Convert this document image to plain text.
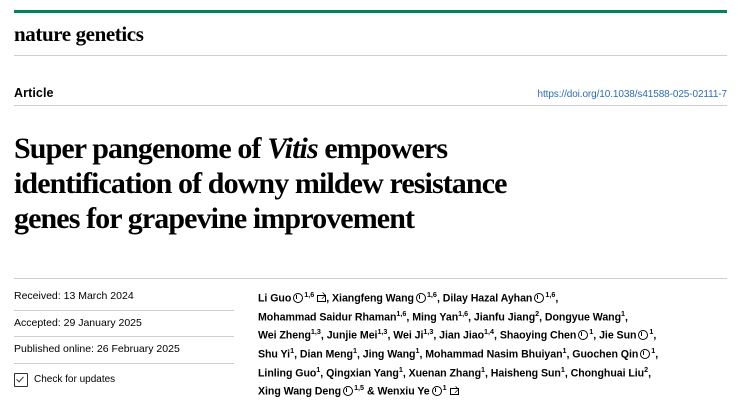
nature genetics
Article	https://doi.org/10.1038/s41588-025-02111-7
Super pangenome of Vitis empowers
identification of downy mildew resistance
genes for grapevine improvement
Received: 13 March 2024
Accepted: 29 January 2025
Published online: 26 February 2025
Check for updates
Li Guo $^{1,6}$ , Xiangfeng Wang $^{1,6}$, Dilay Hazal Ayhan $^{1,6}$,
Mohammad Saidur Rhaman$^{1,6}$, Ming Yan$^{1,6}$, Jianfu Jiang$^2$, Dongyue Wang$^1$,
Wei Zheng$^{1,3}$, Junjie Mei$^{1,3}$, Wei Ji$^{1,3}$, Jian Jiao$^{1,4}$, Shaoying Chen $^1$, Jie Sun $^1$,
Shu Yi$^1$, Dian Meng$^1$, Jing Wang$^1$, Mohammad Nasim Bhuiyan$^1$, Guochen Qin $^1$,
Linling Guo$^1$, Qingxian Yang$^1$, Xuenan Zhang$^1$, Haisheng Sun$^1$, Chonghuai Liu$^2$,
Xing Wang Deng $^{1,5}$ & Wenxiu Ye $^1$
